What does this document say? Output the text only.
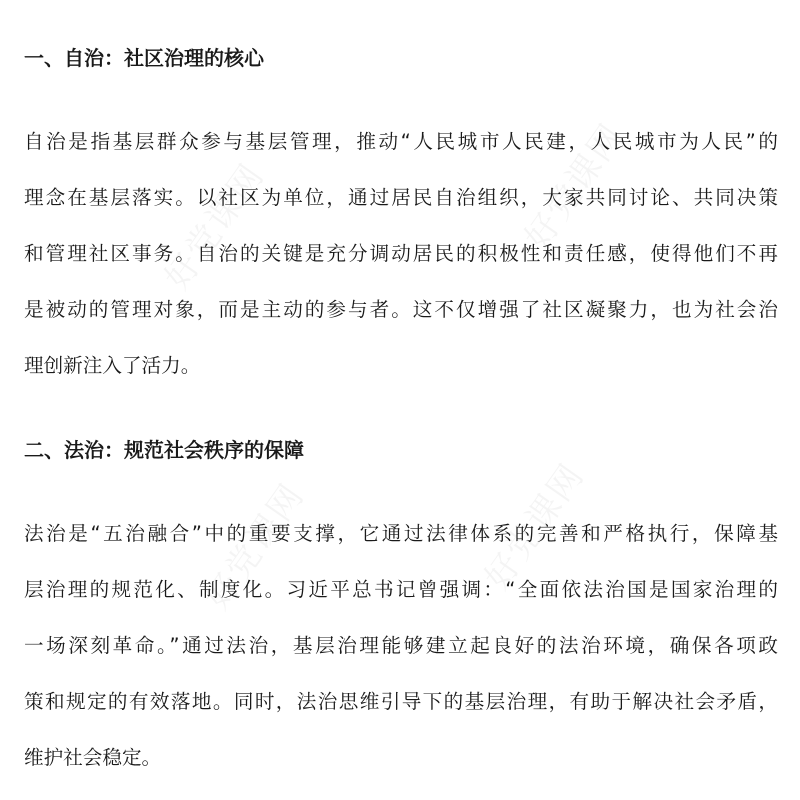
一、自治：社区治理的核心
自治是指基层群众参与基层管理，推动“人民城市人民建，人民城市为人民”的
理念在基层落实。以社区为单位，通过居民自治组织，大家共同讨论、共同决策
和管理社区事务。自治的关键是充分调动居民的积极性和责任感，使得他们不再
是被动的管理对象，而是主动的参与者。这不仅增强了社区凝聚力，也为社会治
理创新注入了活力。
二、法治：规范社会秩序的保障
法治是“五治融合”中的重要支撑，它通过法律体系的完善和严格执行，保障基
层治理的规范化、制度化。习近平总书记曾强调：“全面依法治国是国家治理的
一场深刻革命。”通过法治，基层治理能够建立起良好的法治环境，确保各项政
策和规定的有效落地。同时，法治思维引导下的基层治理，有助于解决社会矛盾，
维护社会稳定。
